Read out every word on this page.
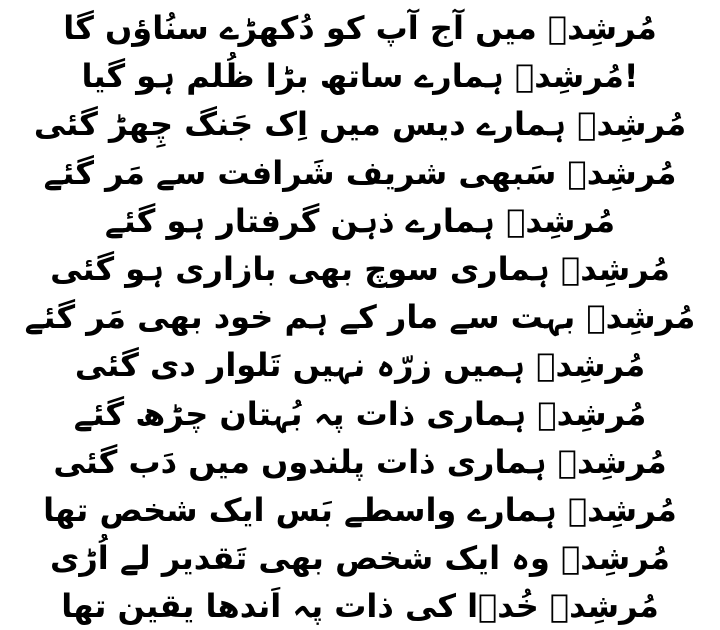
مُرشِدؔ میں آج آپ کو دُکھڑے سنُاؤں گا
!مُرشِدؔ ہمارے ساتھ بڑا ظُلم ہو گیا
مُرشِدؔ ہمارے دیس میں اِک جَنگ چِھڑ گئی
مُرشِدؔ سَبھی شریف شَرافت سے مَر گئے
مُرشِدؔ ہمارے ذہن گرفتار ہو گئے
مُرشِدؔ ہماری سوچ بھی بازاری ہو گئی
مُرشِدؔ بہت سے مار کے ہم خود بھی مَر گئے
مُرشِدؔ ہمیں زرّہ نہیں تَلوار دی گئی
مُرشِدؔ ہماری ذات پہ بُہتان چڑھ گئے
مُرشِدؔ ہماری ذات پلندوں میں دَب گئی
مُرشِدؔ ہمارے واسطے بَس ایک شخص تھا
مُرشِدؔ وہ ایک شخص بھی تَقدیر لے اُڑی
مُرشِدؔ خُدؔا کی ذات پہ اَندھا یقین تھا
